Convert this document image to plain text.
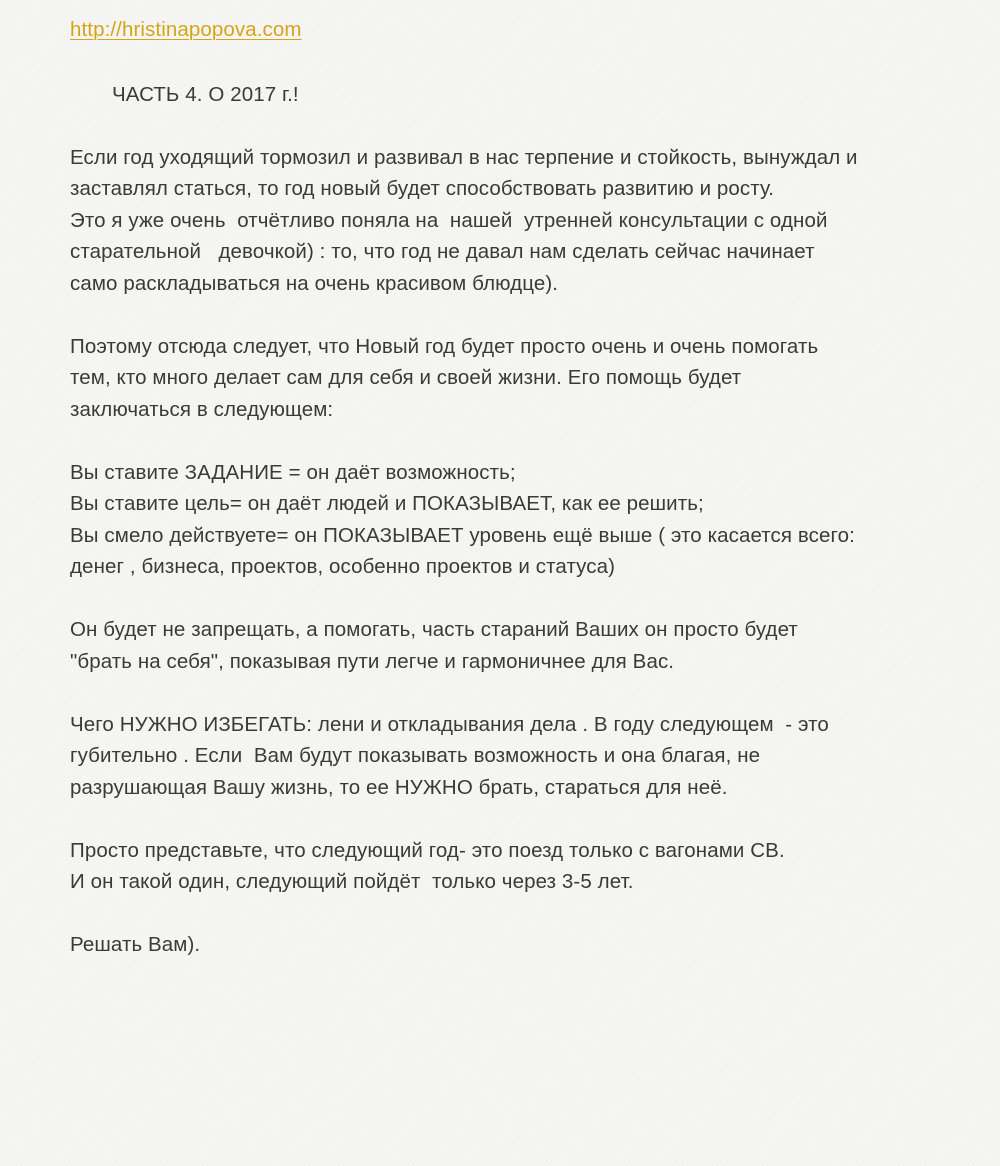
http://hristinapopova.com
ЧАСТЬ 4. О 2017 г.!
Если год уходящий тормозил и развивал в нас терпение и стойкость, вынуждал и
заставлял статься, то год новый будет способствовать развитию и росту.
Это я уже очень  отчётливо поняла на  нашей  утренней консультации с одной
старательной   девочкой) : то, что год не давал нам сделать сейчас начинает
само раскладываться на очень красивом блюдце).
Поэтому отсюда следует, что Новый год будет просто очень и очень помогать
тем, кто много делает сам для себя и своей жизни. Его помощь будет
заключаться в следующем:
Вы ставите ЗАДАНИЕ = он даёт возможность;
Вы ставите цель= он даёт людей и ПОКАЗЫВАЕТ, как ее решить;
Вы смело действуете= он ПОКАЗЫВАЕТ уровень ещё выше ( это касается всего:
денег , бизнеса, проектов, особенно проектов и статуса)
Он будет не запрещать, а помогать, часть стараний Ваших он просто будет
"брать на себя", показывая пути легче и гармоничнее для Вас.
Чего НУЖНО ИЗБЕГАТЬ: лени и откладывания дела . В году следующем  - это
губительно . Если  Вам будут показывать возможность и она благая, не
разрушающая Вашу жизнь, то ее НУЖНО брать, стараться для неё.
Просто представьте, что следующий год- это поезд только с вагонами СВ.
И он такой один, следующий пойдёт  только через 3-5 лет.
Решать Вам).
